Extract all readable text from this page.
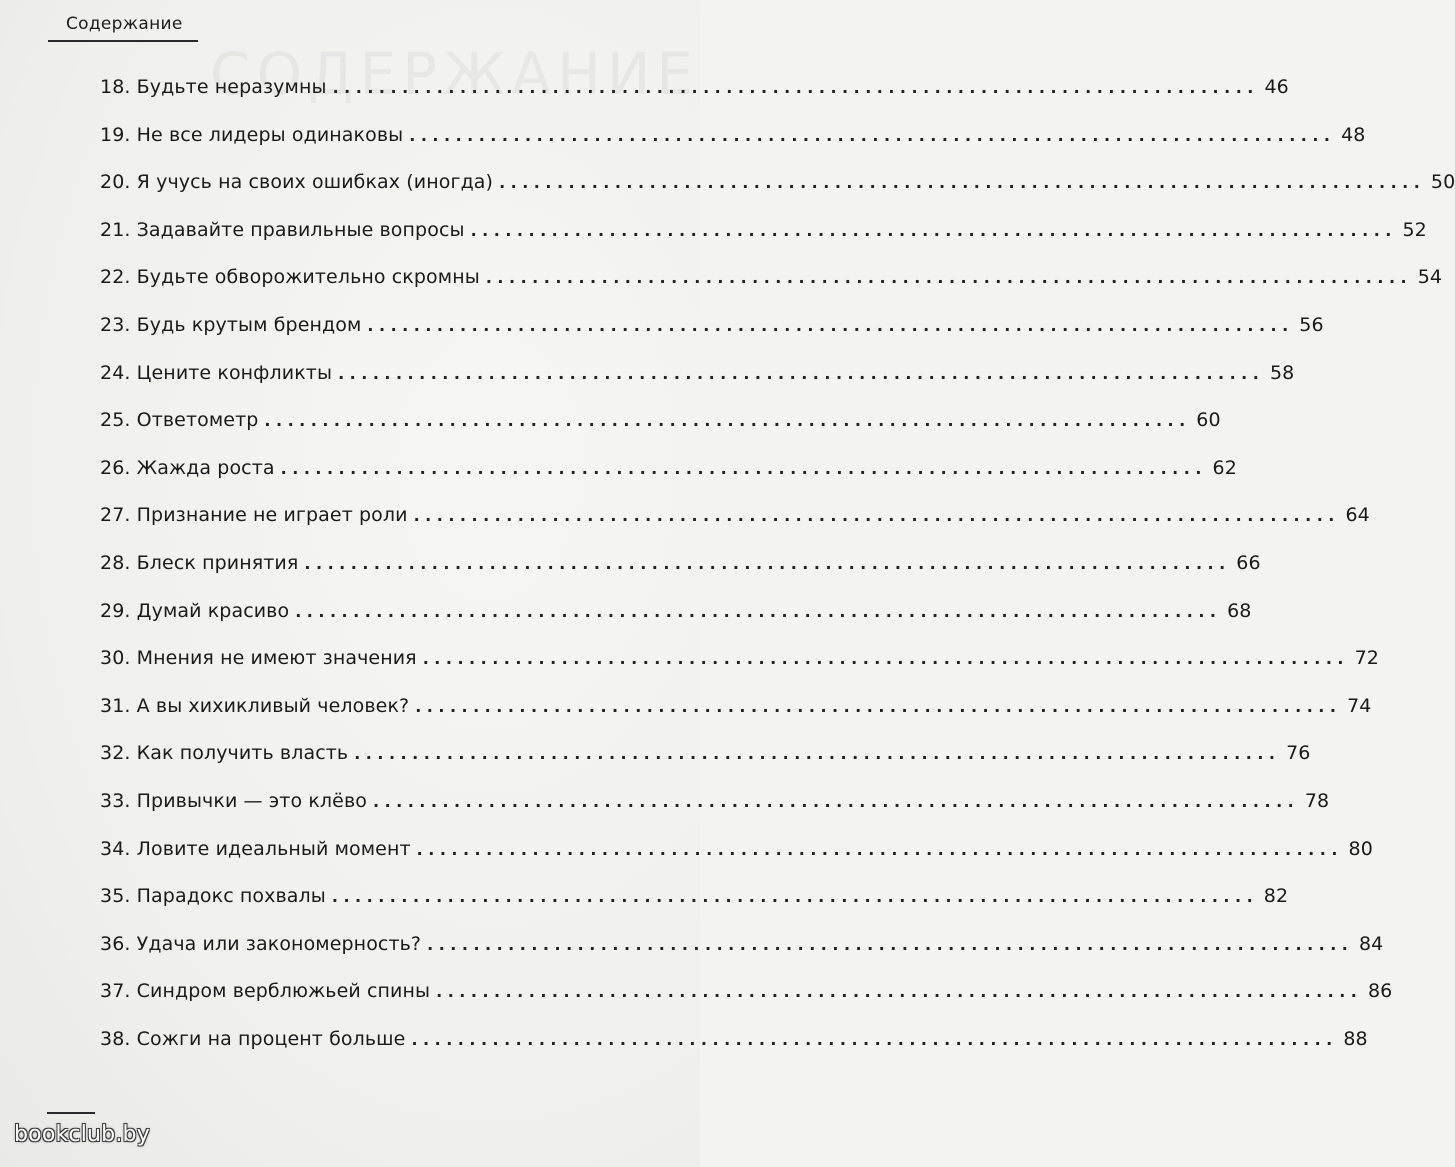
Содержание
18. Будьте неразумны ................................................................................ 46
19. Не все лидеры одинаковы ................................................................................ 48
20. Я учусь на своих ошибках (иногда) ................................................................................ 50
21. Задавайте правильные вопросы ................................................................................ 52
22. Будьте обворожительно скромны ................................................................................ 54
23. Будь крутым брендом ................................................................................ 56
24. Цените конфликты ................................................................................ 58
25. Ответометр ................................................................................ 60
26. Жажда роста ................................................................................ 62
27. Признание не играет роли ................................................................................ 64
28. Блеск принятия ................................................................................ 66
29. Думай красиво ................................................................................ 68
30. Мнения не имеют значения ................................................................................ 72
31. А вы хихикливый человек? ................................................................................ 74
32. Как получить власть ................................................................................ 76
33. Привычки — это клёво ................................................................................ 78
34. Ловите идеальный момент ................................................................................ 80
35. Парадокс похвалы ................................................................................ 82
36. Удача или закономерность? ................................................................................ 84
37. Синдром верблюжьей спины ................................................................................ 86
38. Сожги на процент больше ................................................................................ 88
bookclub.by
